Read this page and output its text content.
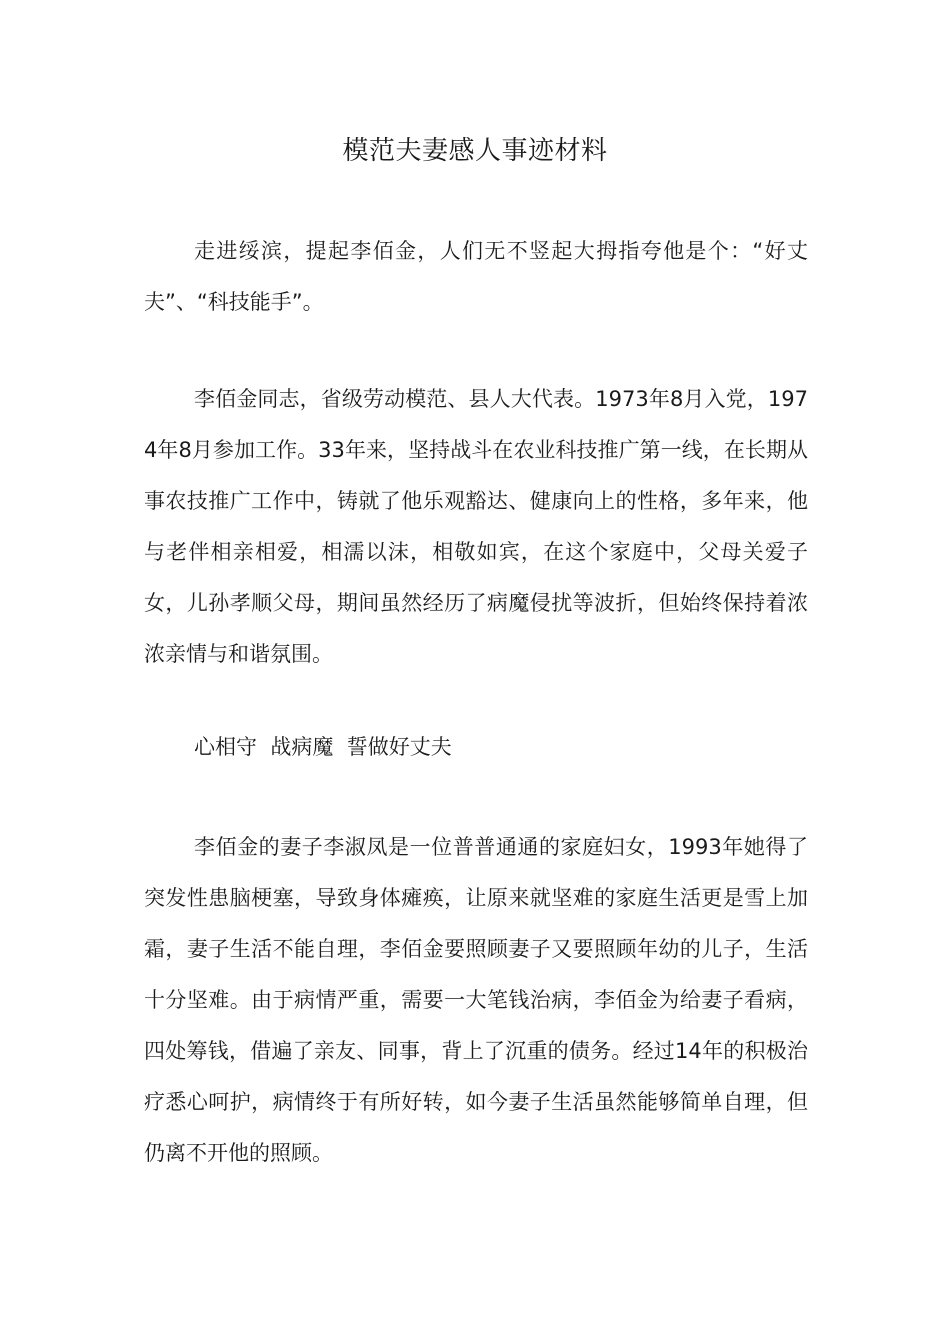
模范夫妻感人事迹材料

走进绥滨，提起李佰金，人们无不竖起大拇指夸他是个：“好丈夫”、“科技能手”。

李佰金同志，省级劳动模范、县人大代表。1973年8月入党，1974年8月参加工作。33年来，坚持战斗在农业科技推广第一线，在长期从事农技推广工作中，铸就了他乐观豁达、健康向上的性格，多年来，他与老伴相亲相爱，相濡以沫，相敬如宾，在这个家庭中，父母关爱子女，儿孙孝顺父母，期间虽然经历了病魔侵扰等波折，但始终保持着浓浓亲情与和谐氛围。

心相守  战病魔  誓做好丈夫

李佰金的妻子李淑凤是一位普普通通的家庭妇女，1993年她得了突发性患脑梗塞，导致身体瘫痪，让原来就坚难的家庭生活更是雪上加霜，妻子生活不能自理，李佰金要照顾妻子又要照顾年幼的儿子，生活十分坚难。由于病情严重，需要一大笔钱治病，李佰金为给妻子看病，四处筹钱，借遍了亲友、同事，背上了沉重的债务。经过14年的积极治疗悉心呵护，病情终于有所好转，如今妻子生活虽然能够简单自理，但仍离不开他的照顾。
